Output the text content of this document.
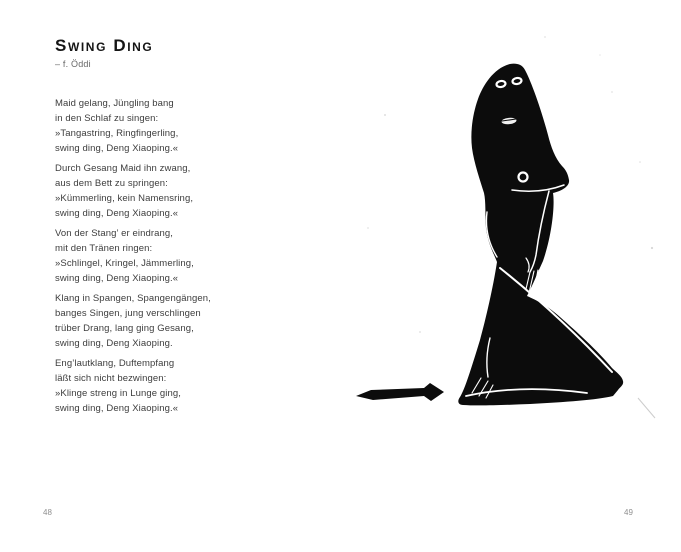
Swing Ding
– f. Öddi
Maid gelang, Jüngling bang
in den Schlaf zu singen:
»Tangastring, Ringfingerling,
swing ding, Deng Xiaoping.«
Durch Gesang Maid ihn zwang,
aus dem Bett zu springen:
»Kümmerling, kein Namensring,
swing ding, Deng Xiaoping.«
Von der Stang’ er eindrang,
mit den Tränen ringen:
»Schlingel, Kringel, Jämmerling,
swing ding, Deng Xiaoping.«
Klang in Spangen, Spangengängen,
banges Singen, jung verschlingen
trüber Drang, lang ging Gesang,
swing ding, Deng Xiaoping.
Eng’lautklang, Duftempfang
läßt sich nicht bezwingen:
»Klinge streng in Lunge ging,
swing ding, Deng Xiaoping.«
48	49
